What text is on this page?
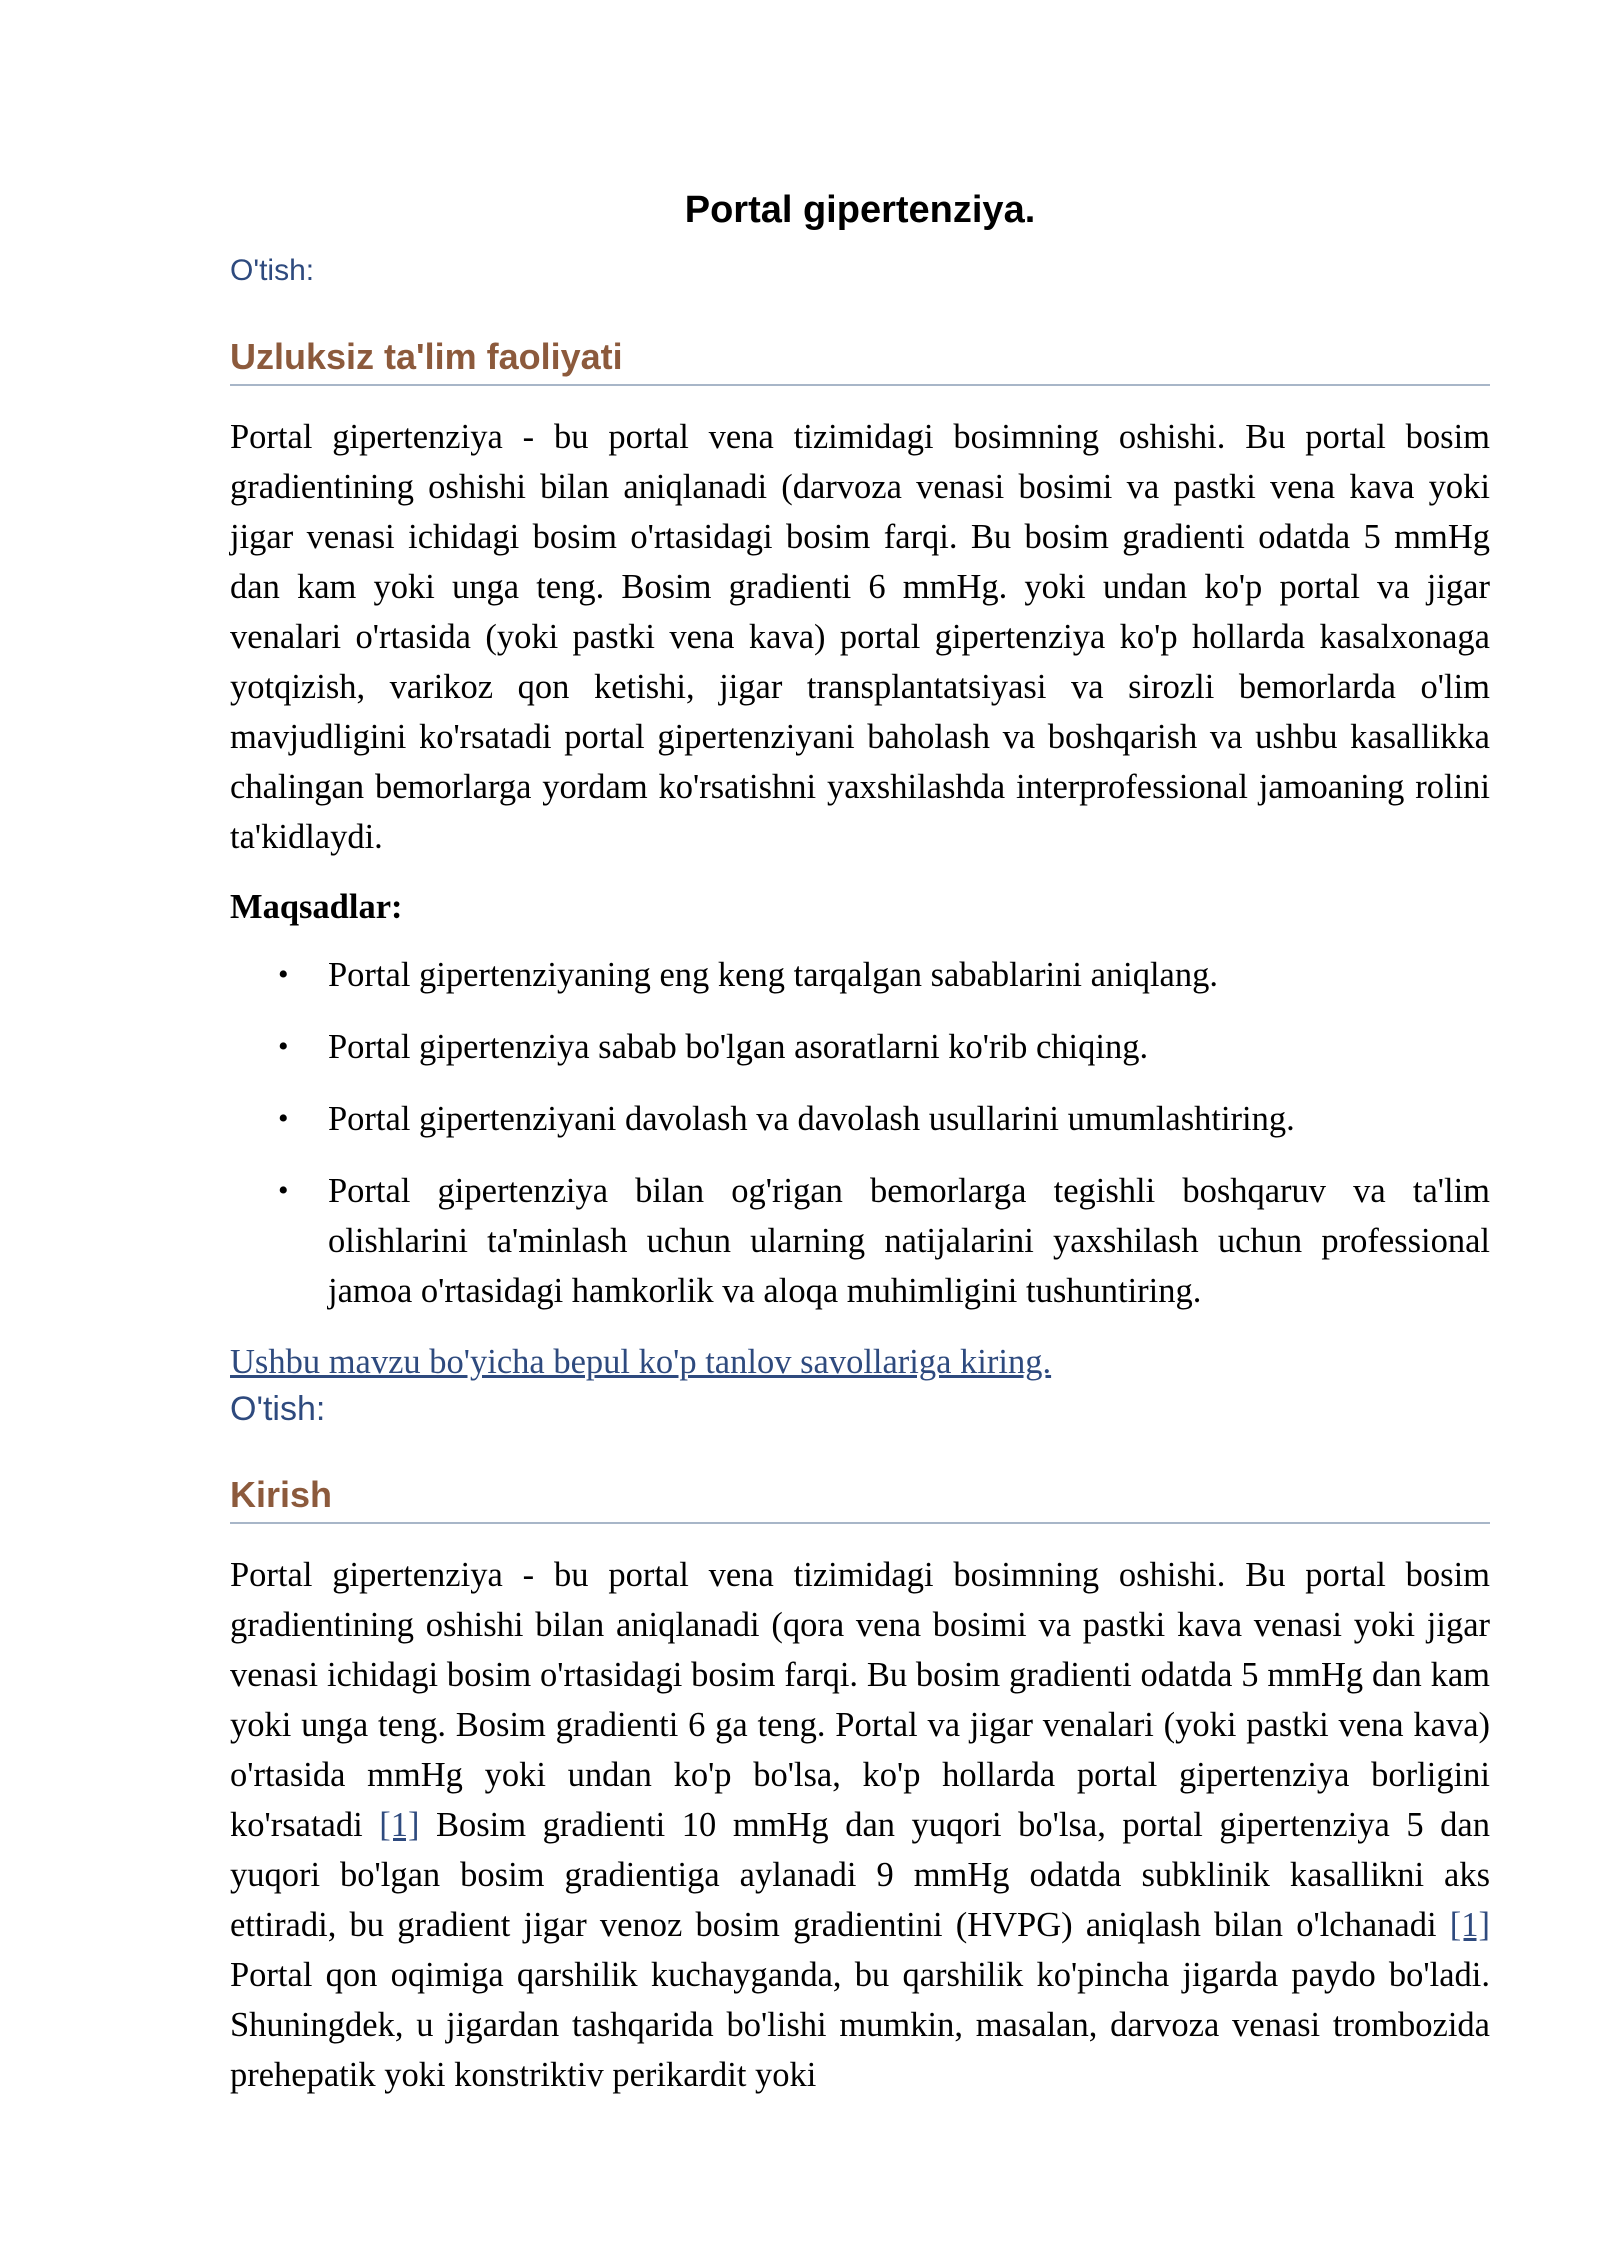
Portal gipertenziya.

O'tish:

Uzluksiz ta'lim faoliyati

Portal gipertenziya - bu portal vena tizimidagi bosimning oshishi. Bu portal bosim gradientining oshishi bilan aniqlanadi (darvoza venasi bosimi va pastki vena kava yoki jigar venasi ichidagi bosim o'rtasidagi bosim farqi. Bu bosim gradienti odatda 5 mmHg dan kam yoki unga teng. Bosim gradienti 6 mmHg. yoki undan ko'p portal va jigar venalari o'rtasida (yoki pastki vena kava) portal gipertenziya ko'p hollarda kasalxonaga yotqizish, varikoz qon ketishi, jigar transplantatsiyasi va sirozli bemorlarda o'lim mavjudligini ko'rsatadi portal gipertenziyani baholash va boshqarish va ushbu kasallikka chalingan bemorlarga yordam ko'rsatishni yaxshilashda interprofessional jamoaning rolini ta'kidlaydi.

Maqsadlar:

• Portal gipertenziyaning eng keng tarqalgan sabablarini aniqlang.
• Portal gipertenziya sabab bo'lgan asoratlarni ko'rib chiqing.
• Portal gipertenziyani davolash va davolash usullarini umumlashtiring.
• Portal gipertenziya bilan og'rigan bemorlarga tegishli boshqaruv va ta'lim olishlarini ta'minlash uchun ularning natijalarini yaxshilash uchun professional jamoa o'rtasidagi hamkorlik va aloqa muhimligini tushuntiring.
Ushbu mavzu bo'yicha bepul ko'p tanlov savollariga kiring.

O'tish:

Kirish

Portal gipertenziya - bu portal vena tizimidagi bosimning oshishi. Bu portal bosim gradientining oshishi bilan aniqlanadi (qora vena bosimi va pastki kava venasi yoki jigar venasi ichidagi bosim o'rtasidagi bosim farqi. Bu bosim gradienti odatda 5 mmHg dan kam yoki unga teng. Bosim gradienti 6 ga teng. Portal va jigar venalari (yoki pastki vena kava) o'rtasida mmHg yoki undan ko'p bo'lsa, ko'p hollarda portal gipertenziya borligini ko'rsatadi [1] Bosim gradienti 10 mmHg dan yuqori bo'lsa, portal gipertenziya 5 dan yuqori bo'lgan bosim gradientiga aylanadi 9 mmHg odatda subklinik kasallikni aks ettiradi, bu gradient jigar venoz bosim gradientini (HVPG) aniqlash bilan o'lchanadi [1] Portal qon oqimiga qarshilik kuchayganda, bu qarshilik ko'pincha jigarda paydo bo'ladi. Shuningdek, u jigardan tashqarida bo'lishi mumkin, masalan, darvoza venasi trombozida prehepatik yoki konstriktiv perikardit yoki
